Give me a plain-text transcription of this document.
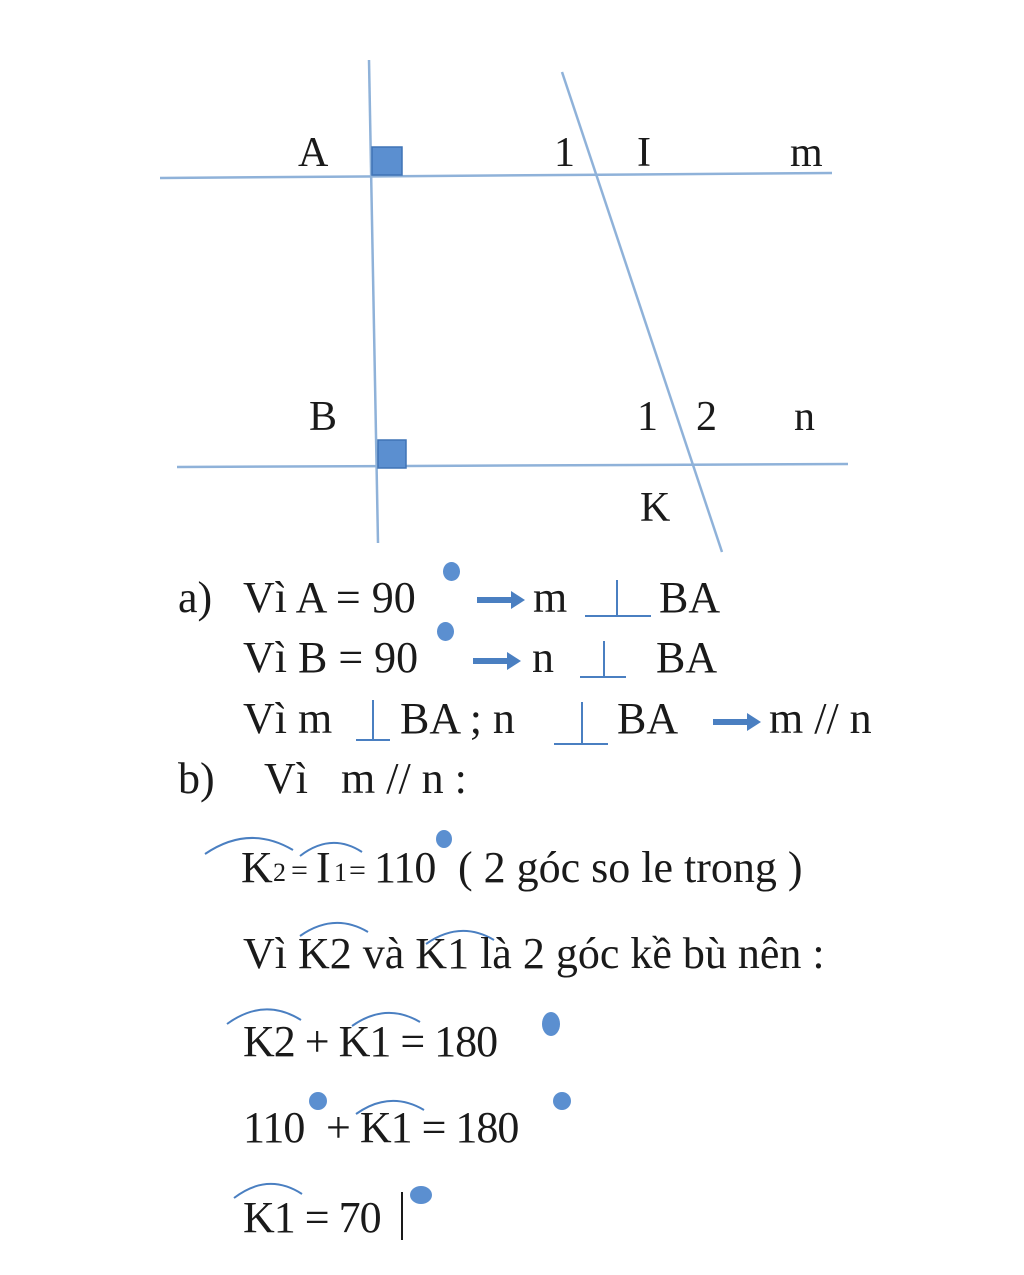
A	1 I	m
B	1 2 n
K
a) Vì A = 90	m BA
Vì B = 90	n BA
Vì m BA ; n BA m // n
b) Vì   m // n :
K 2 = I 1 = 110 ( 2 góc so le trong )
Vì K2 và K1 là 2 góc kề bù nên :
K2 + K1 = 180
110 + K1 = 180
K1 = 70
